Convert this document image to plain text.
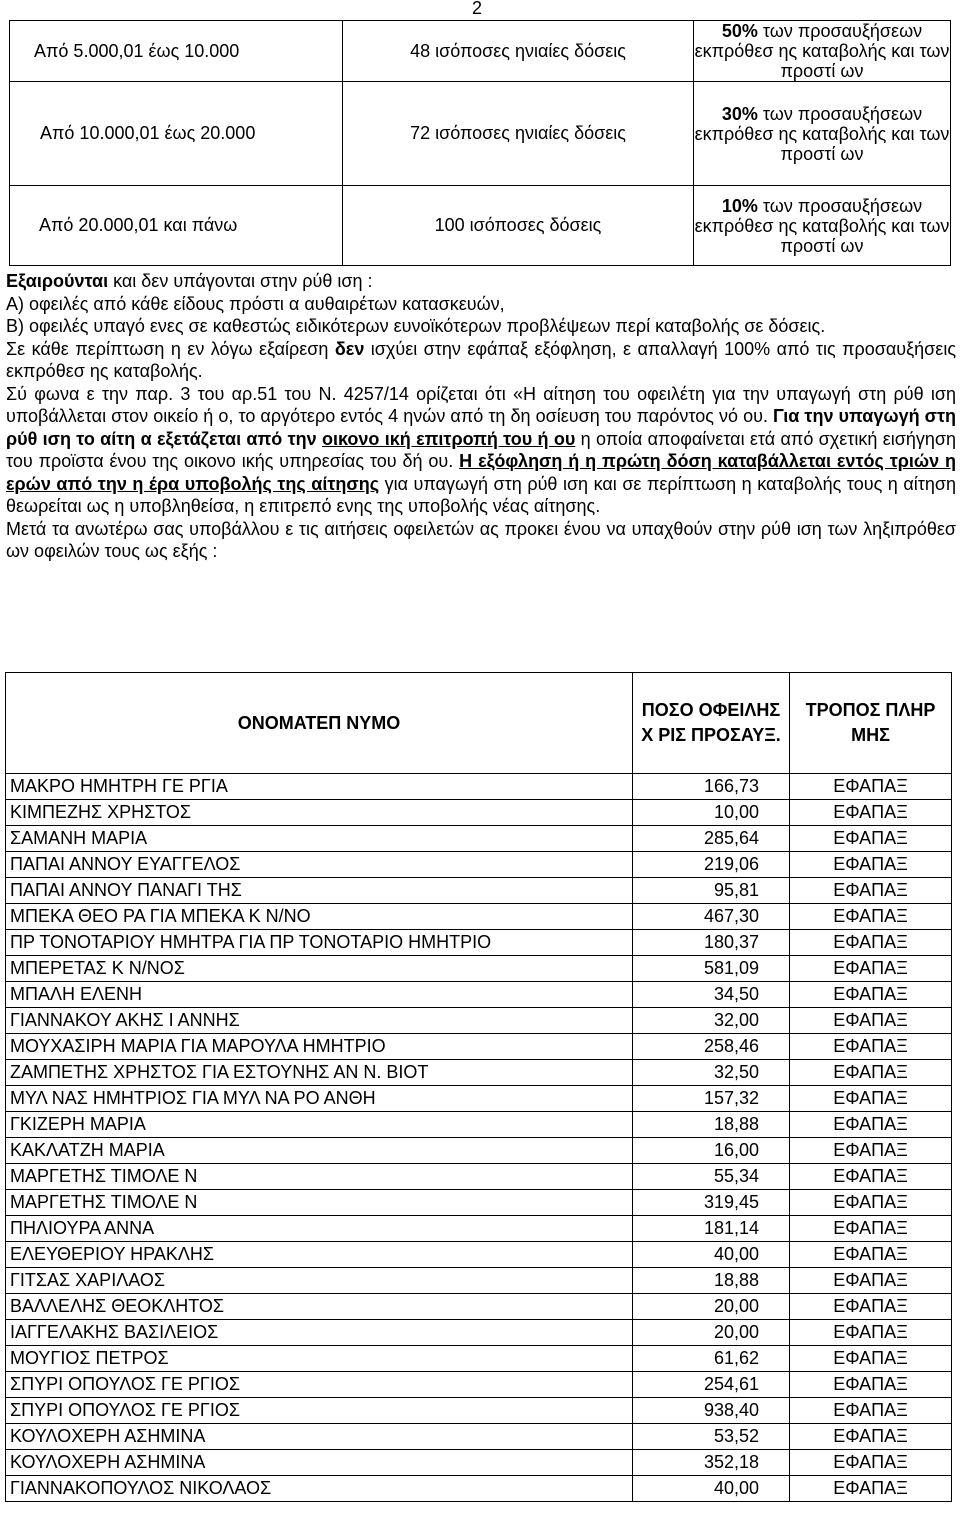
2
Από 5.000,01 έως 10.000	48 ισόποσες ηνιαίες δόσεις	50% των προσαυξήσεων εκπρόθεσ ης καταβολής και των προστί ων
Από 10.000,01 έως 20.000	72 ισόποσες ηνιαίες δόσεις	30% των προσαυξήσεων εκπρόθεσ ης καταβολής και των προστί ων
Από 20.000,01 και πάνω	100 ισόποσες δόσεις	10% των προσαυξήσεων εκπρόθεσ ης καταβολής και των προστί ων

Εξαιρούνται και δεν υπάγονται στην ρύθ ιση :

Α) οφειλές από κάθε είδους πρόστι α αυθαιρέτων κατασκευών,

Β) οφειλές υπαγό ενες σε καθεστώς ειδικότερων ευνοϊκότερων προβλέψεων περί καταβολής σε δόσεις.

Σε κάθε περίπτωση η εν λόγω εξαίρεση δεν ισχύει στην εφάπαξ εξόφληση, ε απαλλαγή 100% από τις προσαυξήσεις εκπρόθεσ ης καταβολής.

Σύ φωνα ε την παρ. 3 του αρ.51 του Ν. 4257/14 ορίζεται ότι «Η αίτηση του οφειλέτη για την υπαγωγή στη ρύθ ιση υποβάλλεται στον οικείο ή ο, το αργότερο εντός 4 ηνών από τη δη οσίευση του παρόντος νό ου. Για την υπαγωγή στη ρύθ ιση το αίτη α εξετάζεται από την οικονο ική επιτροπή του ή ου η οποία αποφαίνεται ετά από σχετική εισήγηση του προϊστα ένου της οικονο ικής υπηρεσίας του δή ου. Η εξόφληση ή η πρώτη δόση καταβάλλεται εντός τριών η ερών από την η έρα υποβολής της αίτησης για υπαγωγή στη ρύθ ιση και σε περίπτωση η καταβολής τους η αίτηση θεωρείται ως η υποβληθείσα, η επιτρεπό ενης της υποβολής νέας αίτησης.

Μετά τα ανωτέρω σας υποβάλλου ε τις αιτήσεις οφειλετών ας προκει ένου να υπαχθούν στην ρύθ ιση των ληξιπρόθεσ ων οφειλών τους ως εξής :

ΟΝΟΜΑΤΕΠ ΝΥΜΟ	ΠΟΣΟ ΟΦΕΙΛΗΣ Χ ΡΙΣ ΠΡΟΣΑΥΞ.	ΤΡΟΠΟΣ ΠΛΗΡ ΜΗΣ
ΜΑΚΡΟ ΗΜΗΤΡΗ ΓΕ ΡΓΙΑ	166,73	ΕΦΑΠΑΞ
ΚΙΜΠΕΖΗΣ ΧΡΗΣΤΟΣ	10,00	ΕΦΑΠΑΞ
ΣΑΜΑΝΗ ΜΑΡΙΑ	285,64	ΕΦΑΠΑΞ
ΠΑΠΑΙ ΑΝΝΟΥ ΕΥΑΓΓΕΛΟΣ	219,06	ΕΦΑΠΑΞ
ΠΑΠΑΙ ΑΝΝΟΥ ΠΑΝΑΓΙ ΤΗΣ	95,81	ΕΦΑΠΑΞ
ΜΠΕΚΑ ΘΕΟ ΡΑ ΓΙΑ ΜΠΕΚΑ Κ Ν/ΝΟ	467,30	ΕΦΑΠΑΞ
ΠΡ ΤΟΝΟΤΑΡΙΟΥ ΗΜΗΤΡΑ ΓΙΑ ΠΡ ΤΟΝΟΤΑΡΙΟ ΗΜΗΤΡΙΟ	180,37	ΕΦΑΠΑΞ
ΜΠΕΡΕΤΑΣ Κ Ν/ΝΟΣ	581,09	ΕΦΑΠΑΞ
ΜΠΑΛΗ ΕΛΕΝΗ	34,50	ΕΦΑΠΑΞ
ΓΙΑΝΝΑΚΟΥ ΑΚΗΣ Ι ΑΝΝΗΣ	32,00	ΕΦΑΠΑΞ
ΜΟΥΧΑΣΙΡΗ ΜΑΡΙΑ ΓΙΑ ΜΑΡΟΥΛΑ ΗΜΗΤΡΙΟ	258,46	ΕΦΑΠΑΞ
ΖΑΜΠΕΤΗΣ ΧΡΗΣΤΟΣ ΓΙΑ ΕΣΤΟΥΝΗΣ ΑΝ Ν. ΒΙΟΤ	32,50	ΕΦΑΠΑΞ
ΜΥΛ ΝΑΣ ΗΜΗΤΡΙΟΣ ΓΙΑ ΜΥΛ ΝΑ ΡΟ ΑΝΘΗ	157,32	ΕΦΑΠΑΞ
ΓΚΙΖΕΡΗ ΜΑΡΙΑ	18,88	ΕΦΑΠΑΞ
ΚΑΚΛΑΤΖΗ ΜΑΡΙΑ	16,00	ΕΦΑΠΑΞ
ΜΑΡΓΕΤΗΣ ΤΙΜΟΛΕ Ν	55,34	ΕΦΑΠΑΞ
ΜΑΡΓΕΤΗΣ ΤΙΜΟΛΕ Ν	319,45	ΕΦΑΠΑΞ
ΠΗΛΙΟΥΡΑ ΑΝΝΑ	181,14	ΕΦΑΠΑΞ
ΕΛΕΥΘΕΡΙΟΥ ΗΡΑΚΛΗΣ	40,00	ΕΦΑΠΑΞ
ΓΙΤΣΑΣ ΧΑΡΙΛΑΟΣ	18,88	ΕΦΑΠΑΞ
ΒΑΛΛΕΛΗΣ ΘΕΟΚΛΗΤΟΣ	20,00	ΕΦΑΠΑΞ
ΙΑΓΓΕΛΑΚΗΣ ΒΑΣΙΛΕΙΟΣ	20,00	ΕΦΑΠΑΞ
ΜΟΥΓΙΟΣ ΠΕΤΡΟΣ	61,62	ΕΦΑΠΑΞ
ΣΠΥΡΙ ΟΠΟΥΛΟΣ ΓΕ ΡΓΙΟΣ	254,61	ΕΦΑΠΑΞ
ΣΠΥΡΙ ΟΠΟΥΛΟΣ ΓΕ ΡΓΙΟΣ	938,40	ΕΦΑΠΑΞ
ΚΟΥΛΟΧΕΡΗ ΑΣΗΜΙΝΑ	53,52	ΕΦΑΠΑΞ
ΚΟΥΛΟΧΕΡΗ ΑΣΗΜΙΝΑ	352,18	ΕΦΑΠΑΞ
ΓΙΑΝΝΑΚΟΠΟΥΛΟΣ ΝΙΚΟΛΑΟΣ	40,00	ΕΦΑΠΑΞ
